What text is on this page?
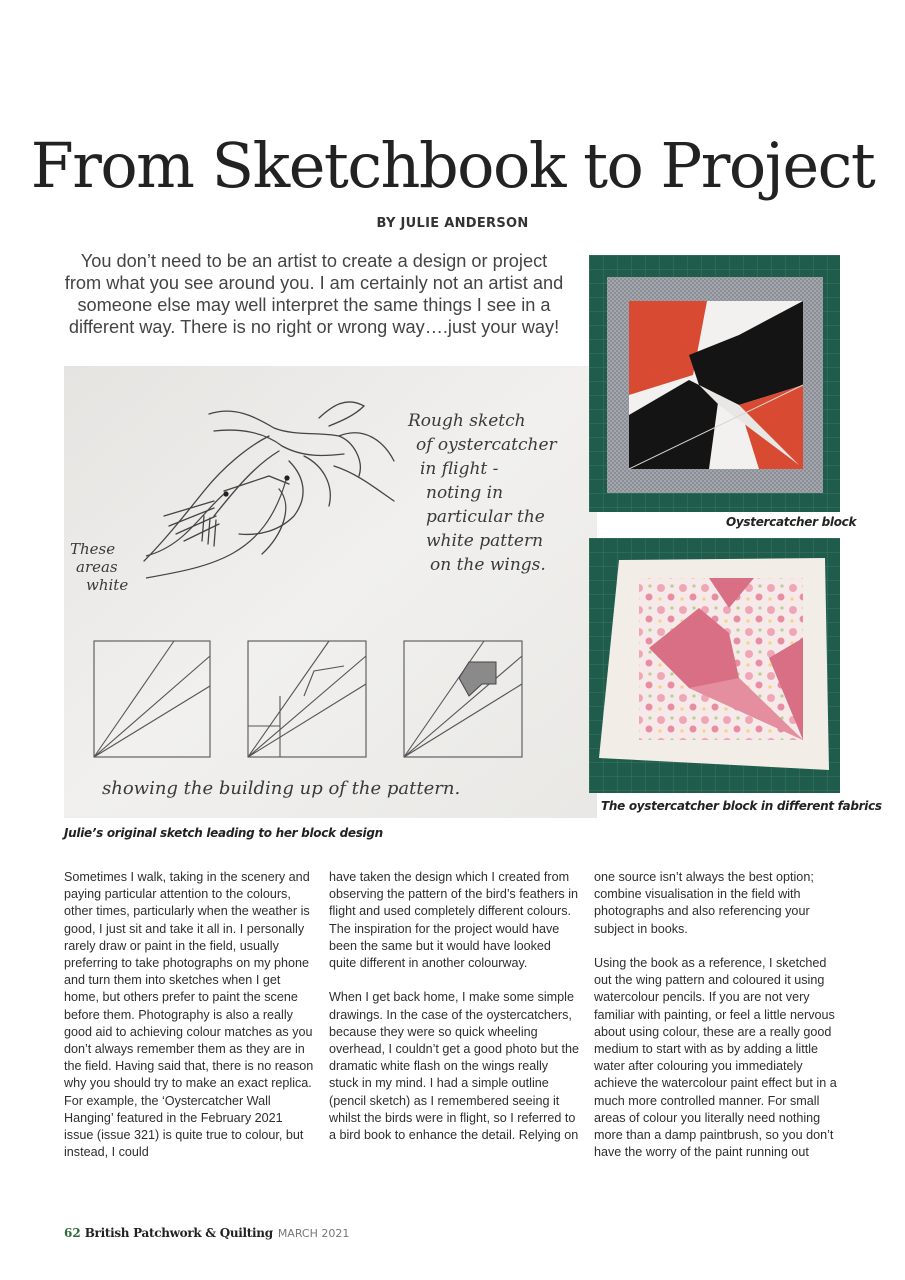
From Sketchbook to Project
BY JULIE ANDERSON
You don’t need to be an artist to create a design or project from what you see around you. I am certainly not an artist and someone else may well interpret the same things I see in a different way. There is no right or wrong way….just your way!
Rough sketch
of oystercatcher
in flight -
noting in
particular the
white pattern
on the wings.
These
areas
white
showing the building up of the pattern.
Julie’s original sketch leading to her block design
Oystercatcher block
The oystercatcher block in different fabrics

Sometimes I walk, taking in the scenery and paying particular attention to the colours, other times, particularly when the weather is good, I just sit and take it all in. I personally rarely draw or paint in the field, usually preferring to take photographs on my phone and turn them into sketches when I get home, but others prefer to paint the scene before them. Photography is also a really good aid to achieving colour matches as you don’t always remember them as they are in the field. Having said that, there is no reason why you should try to make an exact replica. For example, the ‘Oystercatcher Wall Hanging’ featured in the February 2021 issue (issue 321) is quite true to colour, but instead, I could

have taken the design which I created from observing the pattern of the bird’s feathers in flight and used completely different colours. The inspiration for the project would have been the same but it would have looked quite different in another colourway.

When I get back home, I make some simple drawings. In the case of the oystercatchers, because they were so quick wheeling overhead, I couldn’t get a good photo but the dramatic white flash on the wings really stuck in my mind. I had a simple outline (pencil sketch) as I remembered seeing it whilst the birds were in flight, so I referred to a bird book to enhance the detail. Relying on

one source isn’t always the best option; combine visualisation in the field with photographs and also referencing your subject in books.

Using the book as a reference, I sketched out the wing pattern and coloured it using watercolour pencils. If you are not very familiar with painting, or feel a little nervous about using colour, these are a really good medium to start with as by adding a little water after colouring you immediately achieve the watercolour paint effect but in a much more controlled manner. For small areas of colour you literally need nothing more than a damp paintbrush, so you don’t have the worry of the paint running out

62 British Patchwork & Quilting MARCH 2021
